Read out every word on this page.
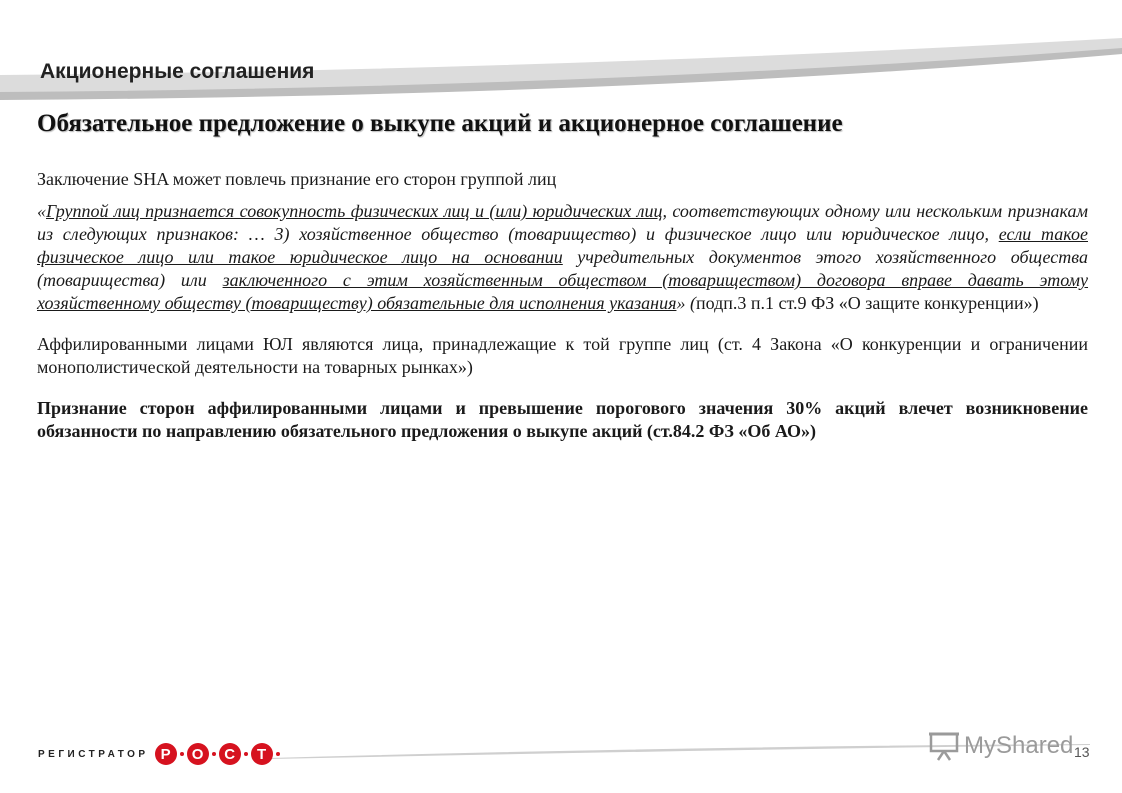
Акционерные соглашения
Обязательное предложение о выкупе акций и акционерное соглашение

Заключение SHA может повлечь признание его сторон группой лиц

«Группой лиц признается совокупность физических лиц и (или) юридических лиц, соответствующих одному или нескольким признакам из следующих признаков: … 3) хозяйственное общество (товарищество) и физическое лицо или юридическое лицо, если такое физическое лицо или такое юридическое лицо на основании учредительных документов этого хозяйственного общества (товарищества) или заключенного с этим хозяйственным обществом (товариществом) договора вправе давать этому хозяйственному обществу (товариществу) обязательные для исполнения указания» (подп.3 п.1 ст.9 ФЗ «О защите конкуренции»)

Аффилированными лицами ЮЛ являются лица, принадлежащие к той группе лиц (ст. 4 Закона «О конкуренции и ограничении монополистической деятельности на товарных рынках»)

Признание сторон аффилированными лицами и превышение порогового значения 30% акций влечет возникновение обязанности по направлению обязательного предложения о выкупе акций (ст.84.2 ФЗ «Об АО»)

РЕГИСТРАТОР Р	О	С	Т	MyShared 13
